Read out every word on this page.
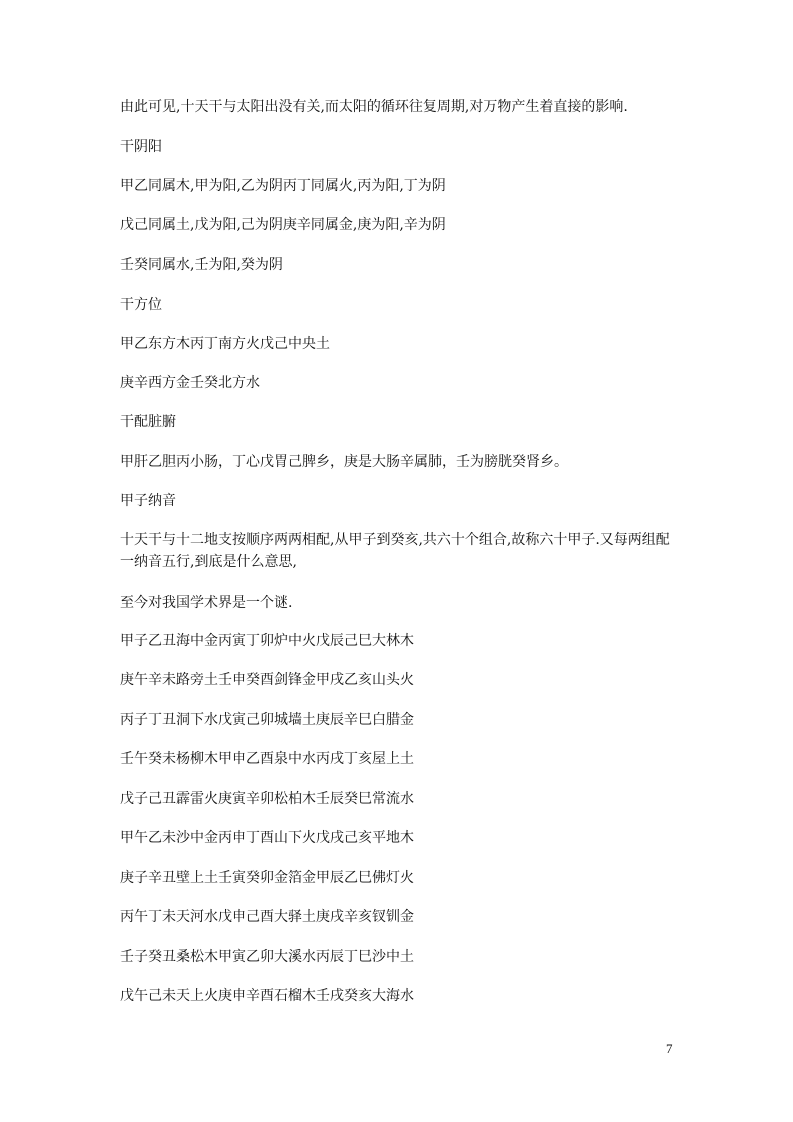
由此可见,十天干与太阳出没有关,而太阳的循环往复周期,对万物产生着直接的影响.

干阴阳

甲乙同属木,甲为阳,乙为阴丙丁同属火,丙为阳,丁为阴

戊己同属土,戊为阳,己为阴庚辛同属金,庚为阳,辛为阴

壬癸同属水,壬为阳,癸为阴

干方位

甲乙东方木丙丁南方火戊己中央土

庚辛西方金壬癸北方水

干配脏腑

甲肝乙胆丙小肠，丁心戊胃己脾乡，庚是大肠辛属肺，壬为膀胱癸肾乡。

甲子纳音

十天干与十二地支按顺序两两相配,从甲子到癸亥,共六十个组合,故称六十甲子.又每两组配一纳音五行,到底是什么意思,

至今对我国学术界是一个谜.

甲子乙丑海中金丙寅丁卯炉中火戊辰己巳大林木

庚午辛未路旁土壬申癸酉剑锋金甲戌乙亥山头火

丙子丁丑洞下水戊寅己卯城墙土庚辰辛巳白腊金

壬午癸未杨柳木甲申乙酉泉中水丙戌丁亥屋上土

戊子己丑霹雷火庚寅辛卯松柏木壬辰癸巳常流水

甲午乙未沙中金丙申丁酉山下火戊戌己亥平地木

庚子辛丑壁上土壬寅癸卯金箔金甲辰乙巳佛灯火

丙午丁未天河水戊申己酉大驿土庚戌辛亥钗钏金

壬子癸丑桑松木甲寅乙卯大溪水丙辰丁巳沙中土

戊午己未天上火庚申辛酉石榴木壬戌癸亥大海水

7
